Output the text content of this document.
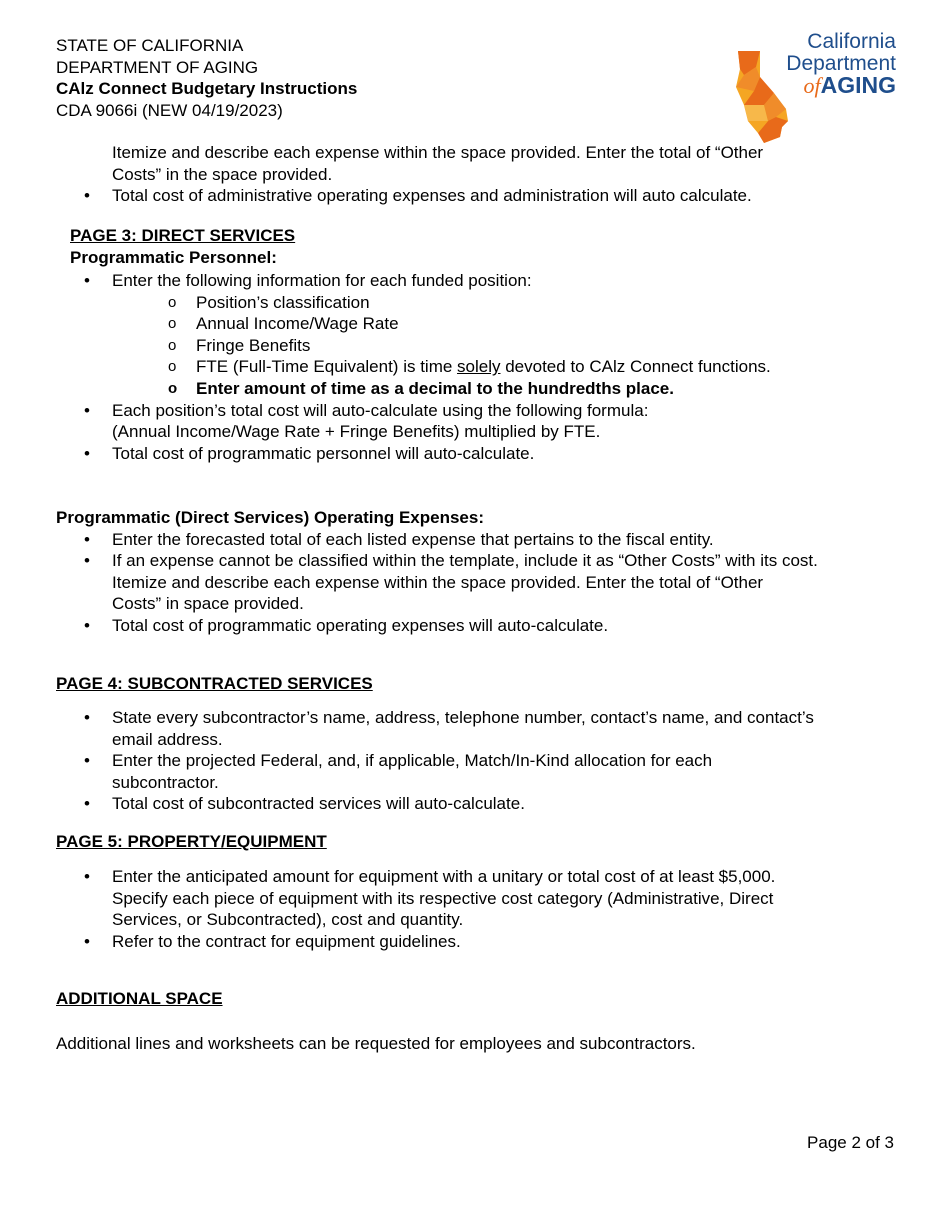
STATE OF CALIFORNIA
DEPARTMENT OF AGING
CAlz Connect Budgetary Instructions
CDA 9066i (NEW 04/19/2023)
California
Department
ofAGING
Itemize and describe each expense within the space provided. Enter the total of “Other
Costs” in the space provided.
• Total cost of administrative operating expenses and administration will auto calculate.
PAGE 3: DIRECT SERVICES
Programmatic Personnel:
• Enter the following information for each funded position:
o Position’s classification
o Annual Income/Wage Rate
o Fringe Benefits
o FTE (Full-Time Equivalent) is time solely devoted to CAlz Connect functions.
o Enter amount of time as a decimal to the hundredths place.
• Each position’s total cost will auto-calculate using the following formula:
(Annual Income/Wage Rate + Fringe Benefits) multiplied by FTE.
• Total cost of programmatic personnel will auto-calculate.
Programmatic (Direct Services) Operating Expenses:
• Enter the forecasted total of each listed expense that pertains to the fiscal entity.
• If an expense cannot be classified within the template, include it as “Other Costs” with its cost.
Itemize and describe each expense within the space provided. Enter the total of “Other
Costs” in space provided.
• Total cost of programmatic operating expenses will auto-calculate.
PAGE 4: SUBCONTRACTED SERVICES
• State every subcontractor’s name, address, telephone number, contact’s name, and contact’s
email address.
• Enter the projected Federal, and, if applicable, Match/In-Kind allocation for each
subcontractor.
• Total cost of subcontracted services will auto-calculate.
PAGE 5: PROPERTY/EQUIPMENT
• Enter the anticipated amount for equipment with a unitary or total cost of at least $5,000.
Specify each piece of equipment with its respective cost category (Administrative, Direct
Services, or Subcontracted), cost and quantity.
• Refer to the contract for equipment guidelines.
ADDITIONAL SPACE
Additional lines and worksheets can be requested for employees and subcontractors.
Page 2 of 3
